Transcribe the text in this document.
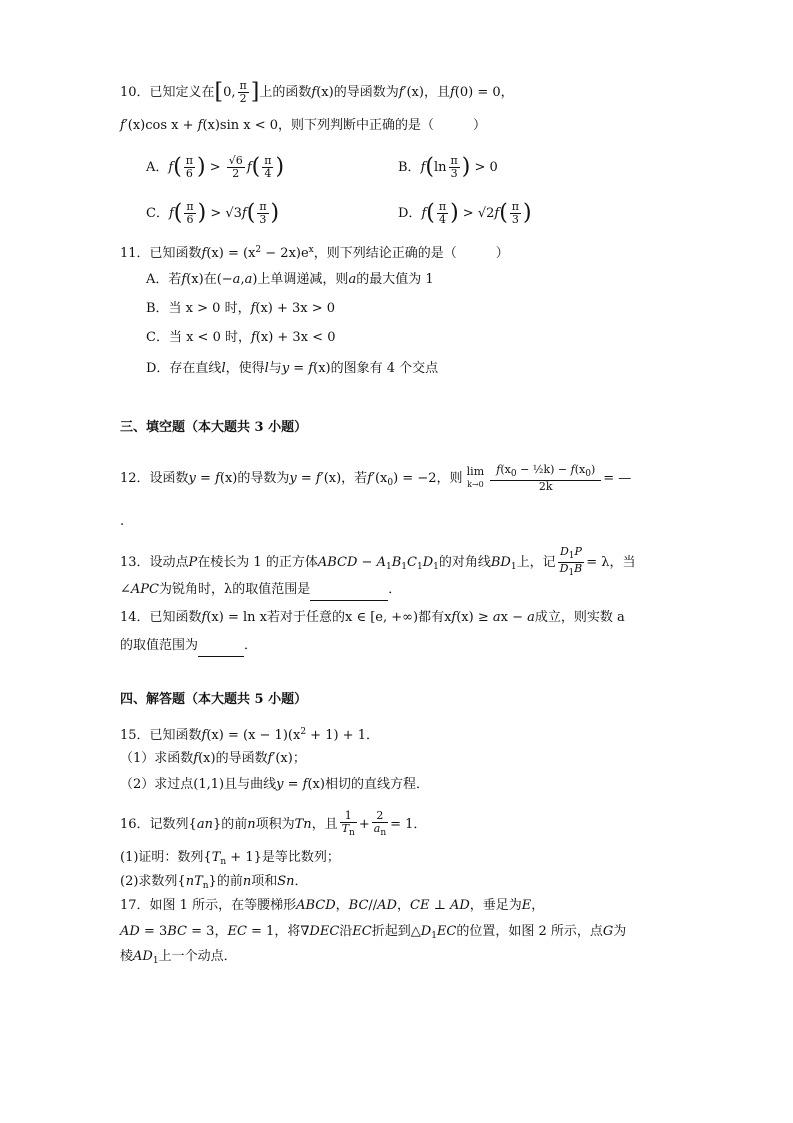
10．已知定义在[0, $\frac{\pi}{2}$ ]上的函数f(x)的导函数为f′(x)，且f(0) = 0，
f′(x)cos x + f(x)sin x < 0，则下列判断中正确的是（　　　）
A．$f( \frac{\pi}{6}$ ) > $\frac{√6}{2} f( \frac{\pi}{4}$ )	B．$f(\ln \frac{\pi}{3}$ ) > 0
C．$f( \frac{\pi}{6}$ ) > $√3f( \frac{\pi}{3}$ )	D．$f( \frac{\pi}{4}$ ) > $√2f( \frac{\pi}{3}$ )
11．已知函数$f(x) = (x^2 - 2x)e^x$，则下列结论正确的是（　　　）
A．若f(x)在(−a,a)上单调递减，则a的最大值为 1
B．当 x > 0 时，f(x) + 3x > 0
C．当 x < 0 时，f(x) + 3x < 0
D．存在直线l，使得l与y = f(x)的图象有 4 个交点
三、填空题（本大题共 3 小题）
12．设函数y = f(x)的导数为y = f′(x)，若$f'(x_0) = -2$，则 lim
$k\to 0 \frac{f(x_0 - \frac{1}{2}k) - f(x_0)}{2k}$ = —
.
13．设动点P在棱长为 1 的正方体ABCD − $A_1B_1C_1D_1$的对角线$BD_1$上，记 $\frac{D_1P}{D_1B} = \lambda$，当
∠APC为锐角时，λ的取值范围是	．
14．已知函数f(x) = ln x若对于任意的x ∈ [e, +∞)都有xf(x) ≥ ax − a成立，则实数 a
的取值范围为	．
四、解答题（本大题共 5 小题）
15．已知函数$f(x) = (x - 1)(x^2 + 1) + 1$．
（1）求函数f(x)的导函数f′(x)；
（2）求过点(1,1)且与曲线y = f(x)相切的直线方程．
16．记数列{an}的前n项积为Tn，且 $\frac{1}{T_n} + \frac{2}{a_n} = 1$．
(1)证明：数列$\{T_n + 1\}$是等比数列；
(2)求数列$\{nT_n\}$的前n项和Sn．
17．如图 1 所示，在等腰梯形ABCD，BC//AD，CE ⊥ AD，垂足为E，
AD = 3BC = 3，EC = 1，将∇DEC沿EC折起到$\triangle D_1EC$的位置，如图 2 所示，点G为
棱$AD_1$上一个动点．
